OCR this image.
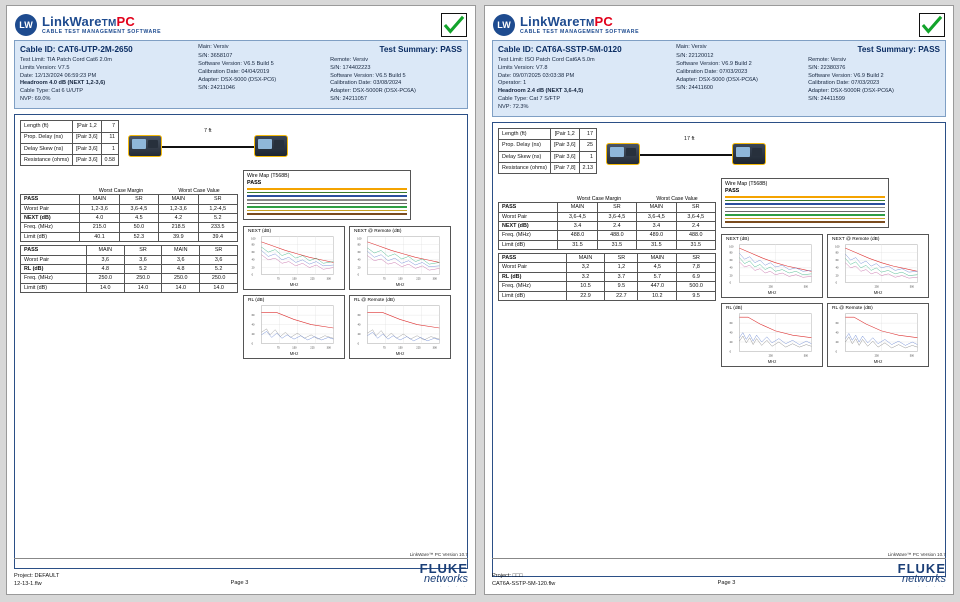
LW LinkWareTMPC
CABLE TEST MANAGEMENT SOFTWARE
Cable ID: CAT6-UTP-2M-2650
Test Limit: TIA Patch Cord Cat6 2.0m
Limits Version: V7.5
Date: 12/13/2024 06:59:23 PM
Headroom 4.0 dB (NEXT 1,2-3,6)
Cable Type: Cat 6 U/UTP
NVP: 69.0%
Main: Versiv
S/N: 3658107
Software Version: V6.5 Build 5
Calibration Date: 04/04/2019
Adapter: DSX-5000 (DSX-PC6)
S/N: 24211046
Test Summary: PASS
Remote: Versiv
S/N: 174402223
Software Version: V6.5 Build 5
Calibration Date: 03/08/2024
Adapter: DSX-5000R (DSX-PC6A)
S/N: 24211057
Length (ft)	[Pair 1,2	7
Prop. Delay (ns)	[Pair 3,6]	11
Delay Skew (ns)	[Pair 3,6]	1
Resistance (ohms)	[Pair 3,6]	0.58
7 ft
Worst Case Margin	Worst Case Value
PASS	MAIN	SR	MAIN	SR
Worst Pair	1,2-3,6	3,6-4,5	1,2-3,6	1,2-4,5
NEXT (dB)	4.0	4.5	4.2	5.2
Freq. (MHz)	215.0	50.0	218.5	233.5
Limit (dB)	40.1	52.3	39.9	39.4
PASS	MAIN	SR	MAIN	SR
Worst Pair	3,6	3,6	3,6	3,6
RL (dB)	4.8	5.2	4.8	5.2
Freq. (MHz)	250.0	250.0	250.0	250.0
Limit (dB)	14.0	14.0	14.0	14.0
Wire Map (T568B)
PASS
NEXT (dB)
0
20
40
60
80
100
75	150	225	300
MHz
NEXT @ Remote (dB)
0
20
40
60
80
100
75	150	225	300
MHz
RL (dB)
0
20
40
60
75	150	225	300
MHz
RL @ Remote (dB)
0
20
40
60
75	150	225	300
MHz
LinkWare™ PC Version 10.7
Project: DEFAULT
12-13-1.flw	Page 3
FLUKE
networks
. . . .
LW LinkWareTMPC
CABLE TEST MANAGEMENT SOFTWARE
Cable ID: CAT6A-SSTP-5M-0120
Test Limit: ISO Patch Cord Cat6A 5.0m
Limits Version: V7.8
Date: 09/07/2025 03:03:38 PM
Operator: 1
Headroom 2.4 dB (NEXT 3,6-4,5)
Cable Type: Cat 7 S/FTP
NVP: 72.3%
Main: Versiv
S/N: 22120012
Software Version: V6.9 Build 2
Calibration Date: 07/03/2023
Adapter: DSX-5000 (DSX-PC6A)
S/N: 24411600
Test Summary: PASS
Remote: Versiv
S/N: 22380376
Software Version: V6.9 Build 2
Calibration Date: 07/03/2023
Adapter: DSX-5000R (DSX-PC6A)
S/N: 24411599
Length (ft)	[Pair 1,2	17
Prop. Delay (ns)	[Pair 3,6]	25
Delay Skew (ns)	[Pair 3,6]	1
Resistance (ohms)	[Pair 7,8]	2.13
17 ft
Worst Case Margin	Worst Case Value
PASS	MAIN	SR	MAIN	SR
Worst Pair	3,6-4,5	3,6-4,5	3,6-4,5	3,6-4,5
NEXT (dB)	3.4	2.4	3.4	2.4
Freq. (MHz)	488.0	488.0	489.0	488.0
Limit (dB)	31.5	31.5	31.5	31.5
PASS	MAIN	SR	MAIN	SR
Worst Pair	3,2	1,2	4,5	7,8
RL (dB)	3.2	3.7	5.7	6.9
Freq. (MHz)	10.5	9.5	447.0	500.0
Limit (dB)	22.9	22.7	10.2	9.5
Wire Map (T568B)
PASS
NEXT (dB)
0
20
40
60
80
100
250	500
MHz
NEXT @ Remote (dB)
0
20
40
60
80
100
250	500
MHz
RL (dB)
0
20
40
60
250	500
MHz
RL @ Remote (dB)
0
20
40
60
250	500
MHz
LinkWare™ PC Version 10.7
Project: □□□
CAT6A-SSTP-5M-120.flw	Page 3
FLUKE
networks
. . . .
